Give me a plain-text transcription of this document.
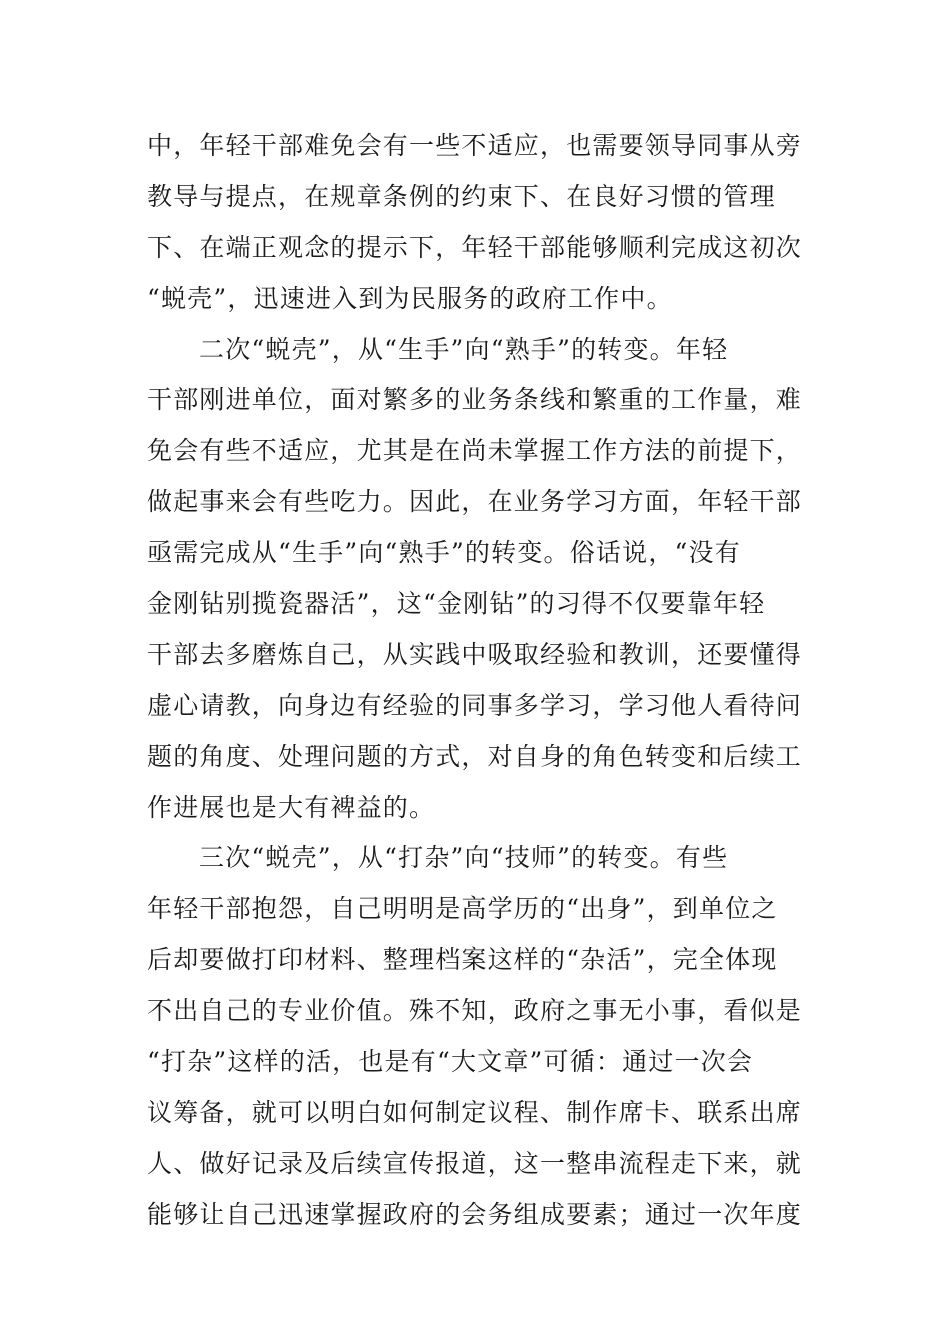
中，年轻干部难免会有一些不适应，也需要领导同事从旁
教导与提点，在规章条例的约束下、在良好习惯的管理
下、在端正观念的提示下，年轻干部能够顺利完成这初次
“蜕壳”，迅速进入到为民服务的政府工作中。
二次“蜕壳”，从“生手”向“熟手”的转变。年轻
干部刚进单位，面对繁多的业务条线和繁重的工作量，难
免会有些不适应，尤其是在尚未掌握工作方法的前提下，
做起事来会有些吃力。因此，在业务学习方面，年轻干部
亟需完成从“生手”向“熟手”的转变。俗话说，“没有
金刚钻别揽瓷器活”，这“金刚钻”的习得不仅要靠年轻
干部去多磨炼自己，从实践中吸取经验和教训，还要懂得
虚心请教，向身边有经验的同事多学习，学习他人看待问
题的角度、处理问题的方式，对自身的角色转变和后续工
作进展也是大有裨益的。
三次“蜕壳”，从“打杂”向“技师”的转变。有些
年轻干部抱怨，自己明明是高学历的“出身”，到单位之
后却要做打印材料、整理档案这样的“杂活”，完全体现
不出自己的专业价值。殊不知，政府之事无小事，看似是
“打杂”这样的活，也是有“大文章”可循：通过一次会
议筹备，就可以明白如何制定议程、制作席卡、联系出席
人、做好记录及后续宣传报道，这一整串流程走下来，就
能够让自己迅速掌握政府的会务组成要素；通过一次年度
